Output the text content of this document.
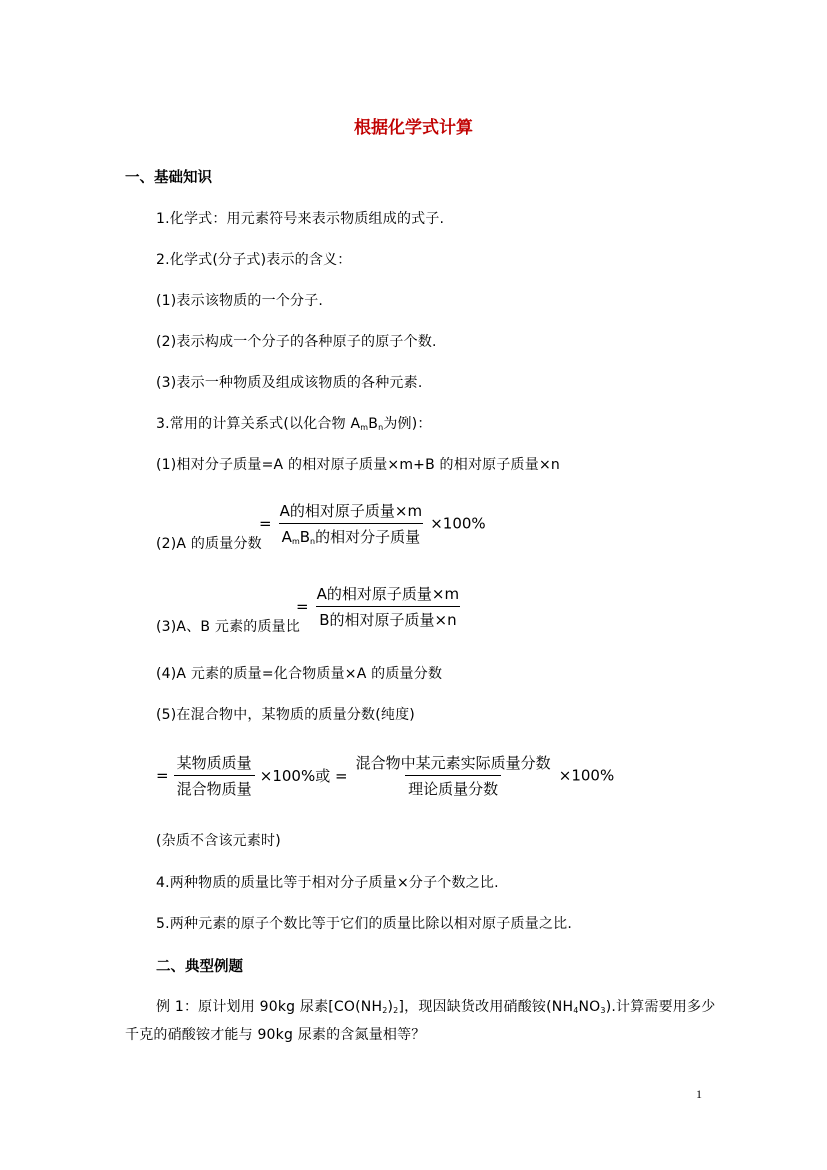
根据化学式计算
一、基础知识
1.化学式：用元素符号来表示物质组成的式子.
2.化学式(分子式)表示的含义：
(1)表示该物质的一个分子.
(2)表示构成一个分子的各种原子的原子个数.
(3)表示一种物质及组成该物质的各种元素.
3.常用的计算关系式(以化合物 $A_mB_n$为例)：
(1)相对分子质量=A 的相对原子质量×m+B 的相对原子质量×n
(2)A 的质量分数
= $\frac{\text{A的相对原子质量×m}}{A_mB_n的相对分子质量} \times 100\%$
(3)A、B 元素的质量比
= $\frac{\text{A的相对原子质量×m}}{\text{B的相对原子质量×n}}$
(4)A 元素的质量=化合物质量×A 的质量分数
(5)在混合物中，某物质的质量分数(纯度)
= $\frac{\text{某物质质量}}{\text{混合物质量}} \times 100\%$或 = $\frac{\text{混合物中某元素实际质量分数}}{\text{理论质量分数}} \times 100\%$
(杂质不含该元素时)
4.两种物质的质量比等于相对分子质量×分子个数之比.
5.两种元素的原子个数比等于它们的质量比除以相对原子质量之比.
二、典型例题
例 1：原计划用 90kg 尿素$[CO(NH_2)_2]$，现因缺货改用硝酸铵$(NH_4NO_3)$.计算需要用多少
千克的硝酸铵才能与 90kg 尿素的含氮量相等？
1
